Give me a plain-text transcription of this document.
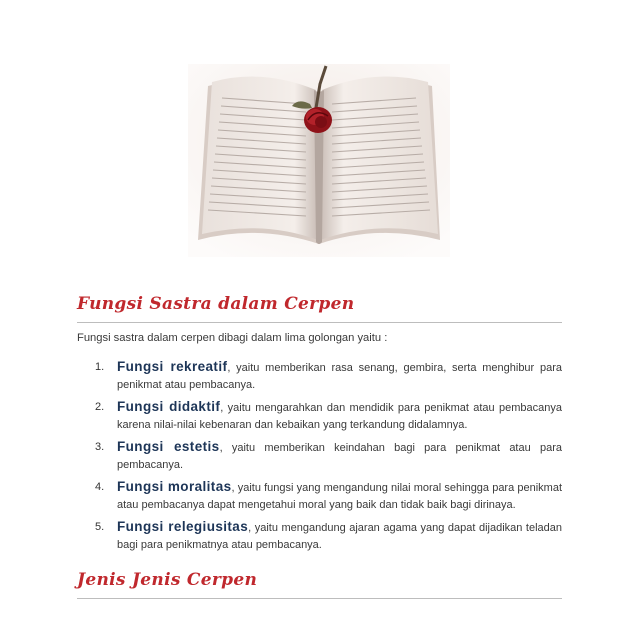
Fungsi Sastra dalam Cerpen
Fungsi sastra dalam cerpen dibagi dalam lima golongan yaitu :
1. Fungsi rekreatif, yaitu memberikan rasa senang, gembira, serta menghibur para penikmat atau pembacanya.
2. Fungsi didaktif, yaitu mengarahkan dan mendidik para penikmat atau pembacanya karena nilai-nilai kebenaran dan kebaikan yang terkandung didalamnya.
3. Fungsi estetis, yaitu memberikan keindahan bagi para penikmat atau para pembacanya.
4. Fungsi moralitas, yaitu fungsi yang mengandung nilai moral sehingga para penikmat atau pembacanya dapat mengetahui moral yang baik dan tidak baik bagi dirinaya.
5. Fungsi relegiusitas, yaitu mengandung ajaran agama yang dapat dijadikan teladan bagi para penikmatnya atau pembacanya.
Jenis Jenis Cerpen
